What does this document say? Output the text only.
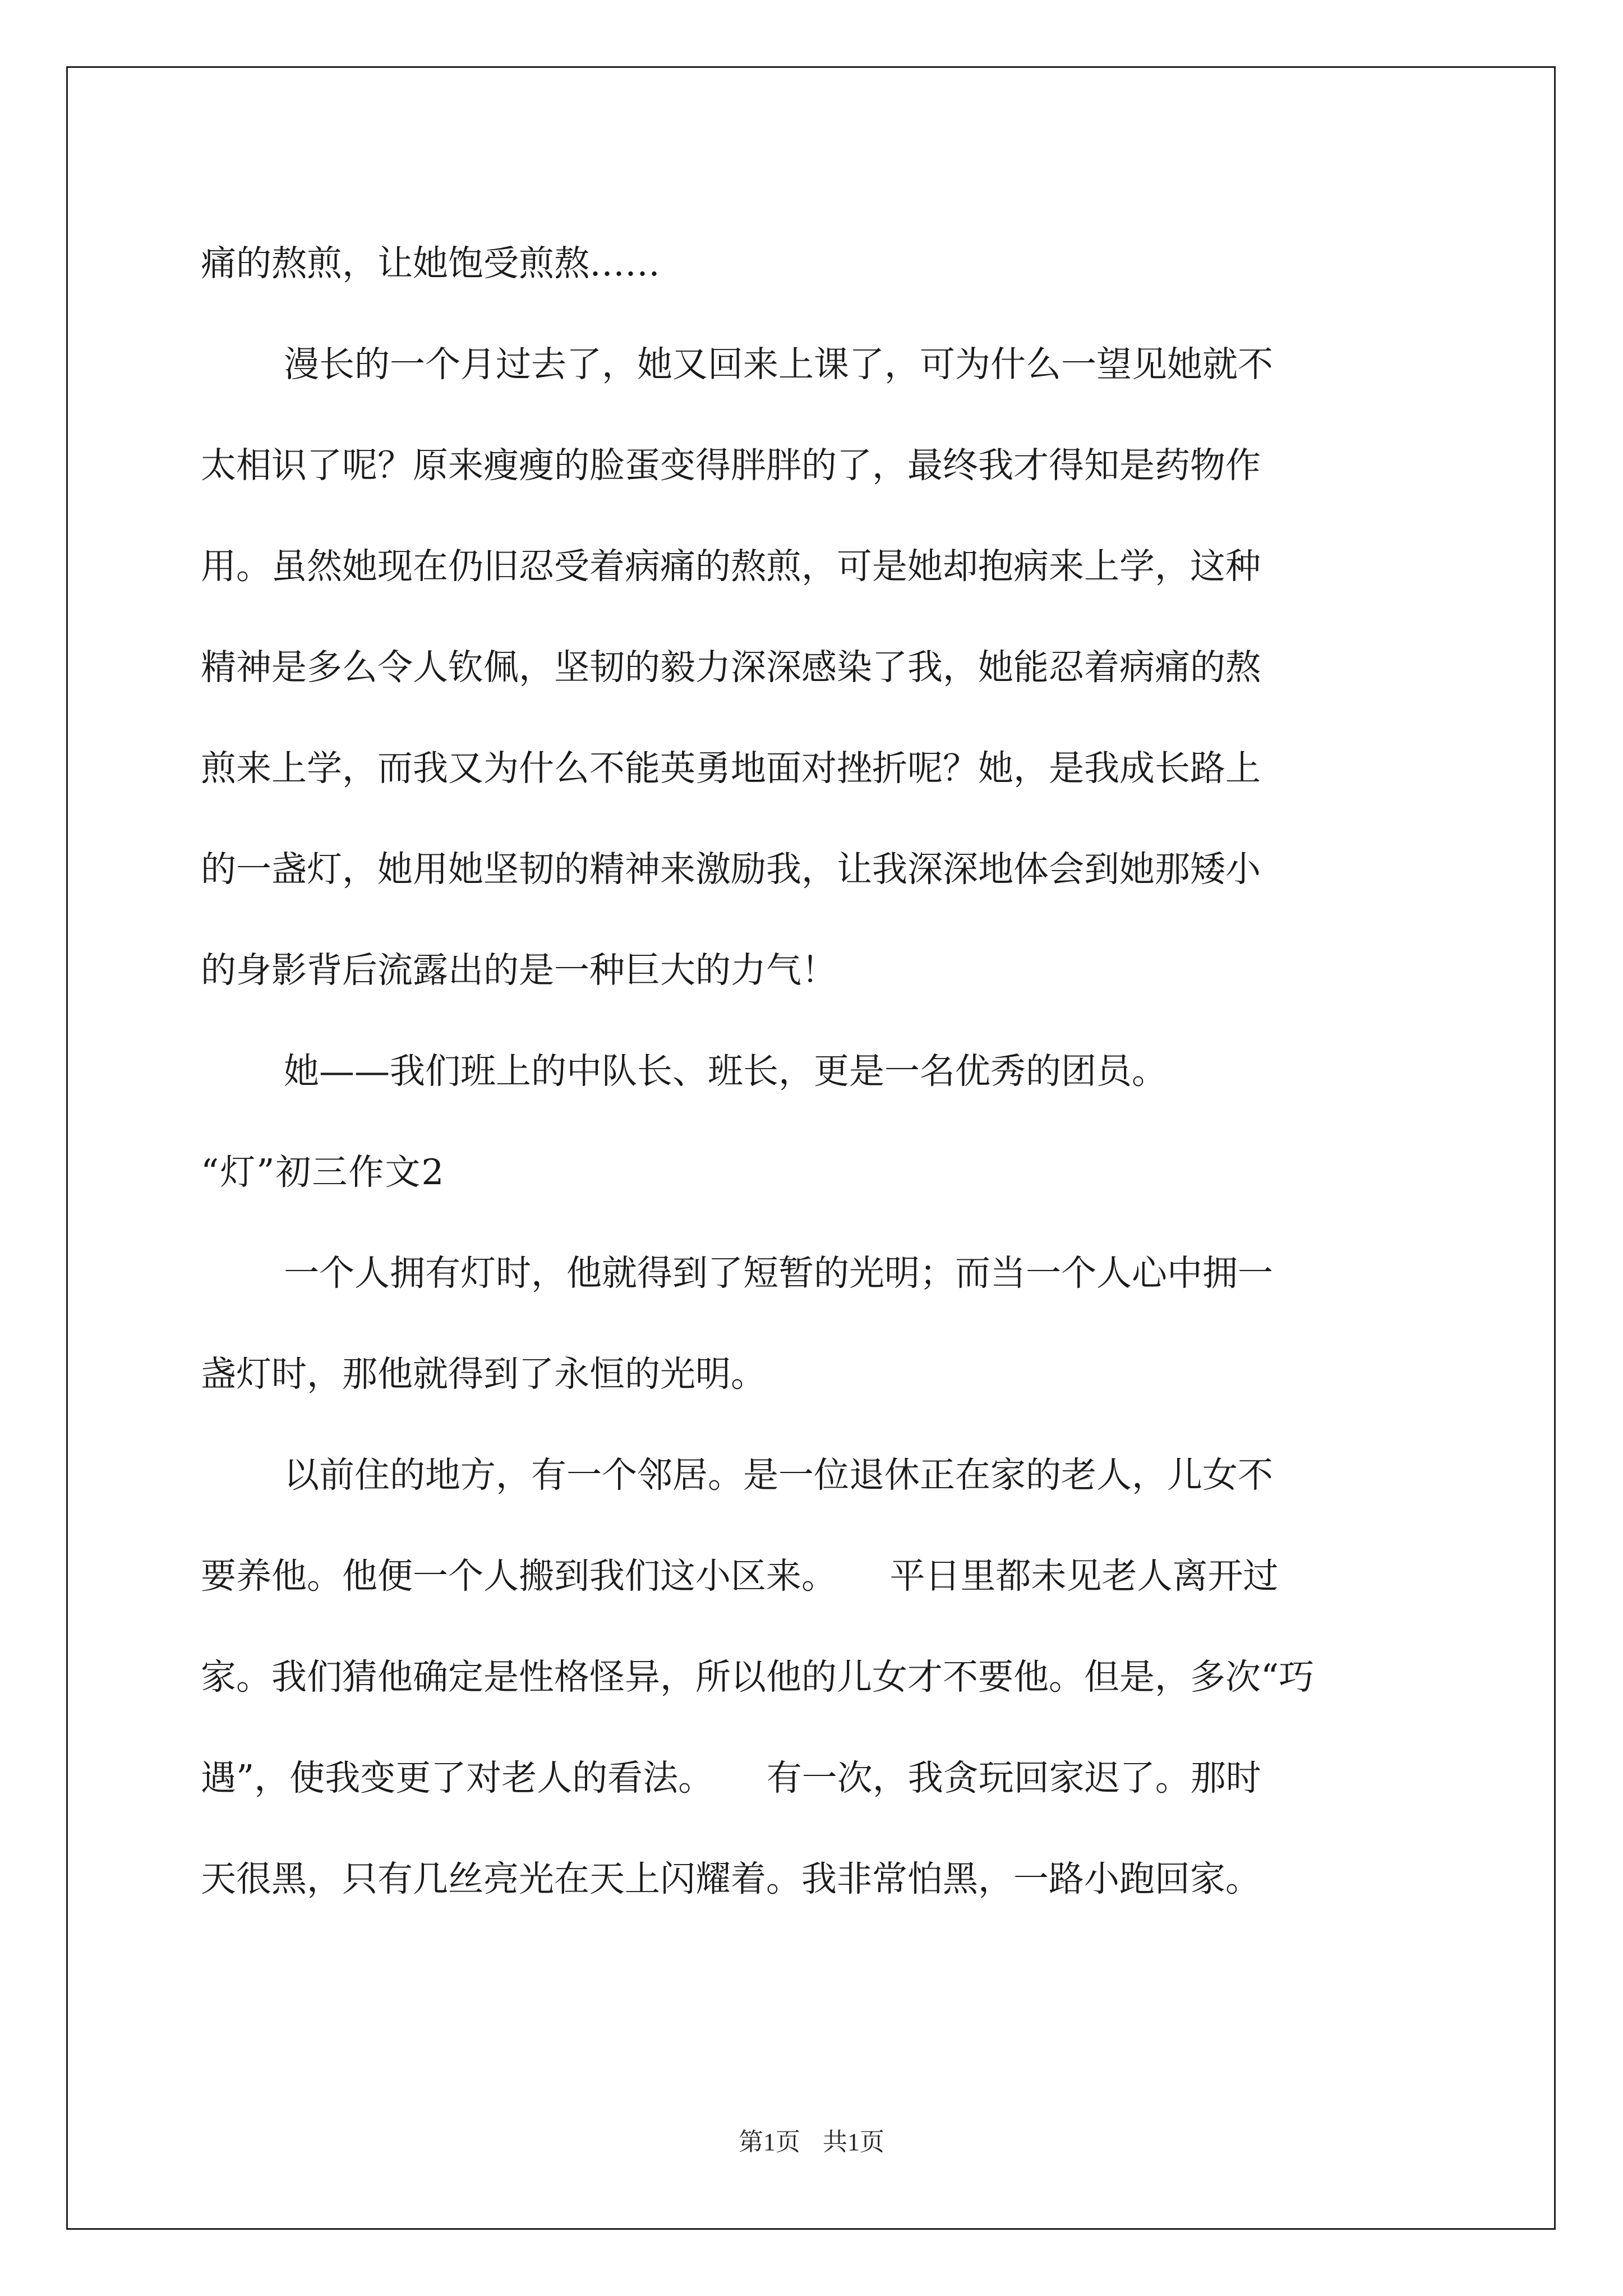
痛的熬煎，让她饱受煎熬……
漫长的一个月过去了，她又回来上课了，可为什么一望见她就不
太相识了呢？原来瘦瘦的脸蛋变得胖胖的了，最终我才得知是药物作
用。虽然她现在仍旧忍受着病痛的熬煎，可是她却抱病来上学，这种
精神是多么令人钦佩，坚韧的毅力深深感染了我，她能忍着病痛的熬
煎来上学，而我又为什么不能英勇地面对挫折呢？她，是我成长路上
的一盏灯，她用她坚韧的精神来激励我，让我深深地体会到她那矮小
的身影背后流露出的是一种巨大的力气！
她——我们班上的中队长、班长，更是一名优秀的团员。
“灯”初三作文2
一个人拥有灯时，他就得到了短暂的光明；而当一个人心中拥一
盏灯时，那他就得到了永恒的光明。
以前住的地方，有一个邻居。是一位退休正在家的老人，儿女不
要养他。他便一个人搬到我们这小区来。　　平日里都未见老人离开过
家。我们猜他确定是性格怪异，所以他的儿女才不要他。但是，多次“巧
遇”，使我变更了对老人的看法。　　有一次，我贪玩回家迟了。那时
天很黑，只有几丝亮光在天上闪耀着。我非常怕黑，一路小跑回家。
第1页 共1页
